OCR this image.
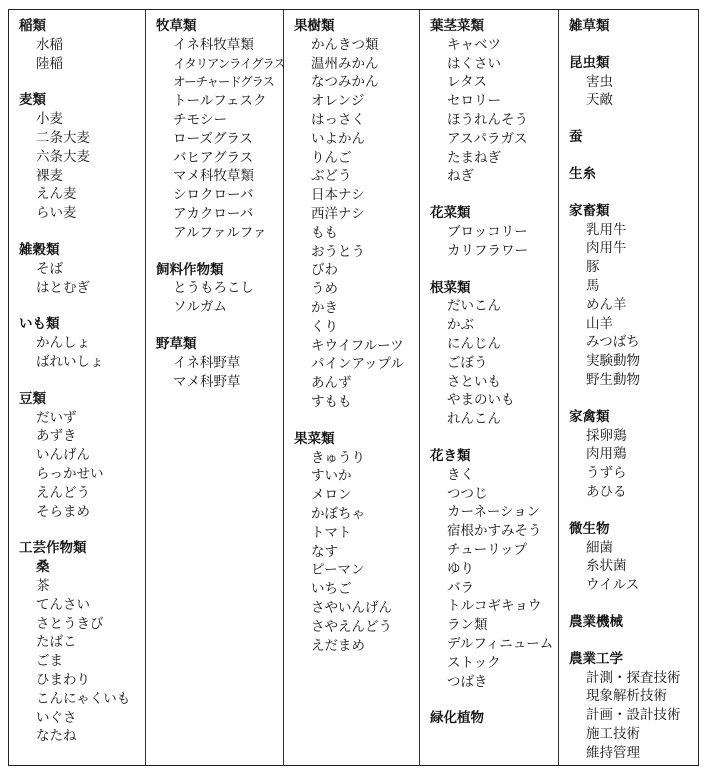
稲類
水稲
陸稲
麦類
小麦
二条大麦
六条大麦
裸麦
えん麦
らい麦
雑穀類
そば
はとむぎ
いも類
かんしょ
ばれいしょ
豆類
だいず
あずき
いんげん
らっかせい
えんどう
そらまめ
工芸作物類
桑
茶
てんさい
さとうきび
たばこ
ごま
ひまわり
こんにゃくいも
いぐさ
なたね
牧草類
イネ科牧草類
イタリアンライグラス
オーチャードグラス
トールフェスク
チモシー
ローズグラス
バヒアグラス
マメ科牧草類
シロクローバ
アカクローバ
アルファルファ
飼料作物類
とうもろこし
ソルガム
野草類
イネ科野草
マメ科野草
果樹類
かんきつ類
温州みかん
なつみかん
オレンジ
はっさく
いよかん
りんご
ぶどう
日本ナシ
西洋ナシ
もも
おうとう
びわ
うめ
かき
くり
キウイフルーツ
パインアップル
あんず
すもも
果菜類
きゅうり
すいか
メロン
かぼちゃ
トマト
なす
ピーマン
いちご
さやいんげん
さやえんどう
えだまめ
葉茎菜類
キャベツ
はくさい
レタス
セロリー
ほうれんそう
アスパラガス
たまねぎ
ねぎ
花菜類
ブロッコリー
カリフラワー
根菜類
だいこん
かぶ
にんじん
ごぼう
さといも
やまのいも
れんこん
花き類
きく
つつじ
カーネーション
宿根かすみそう
チューリップ
ゆり
バラ
トルコギキョウ
ラン類
デルフィニューム
ストック
つばき
緑化植物
雑草類
昆虫類
害虫
天敵
蚕
生糸
家畜類
乳用牛
肉用牛
豚
馬
めん羊
山羊
みつばち
実験動物
野生動物
家禽類
採卵鶏
肉用鶏
うずら
あひる
微生物
細菌
糸状菌
ウイルス
農業機械
農業工学
計測・探査技術
現象解析技術
計画・設計技術
施工技術
維持管理
